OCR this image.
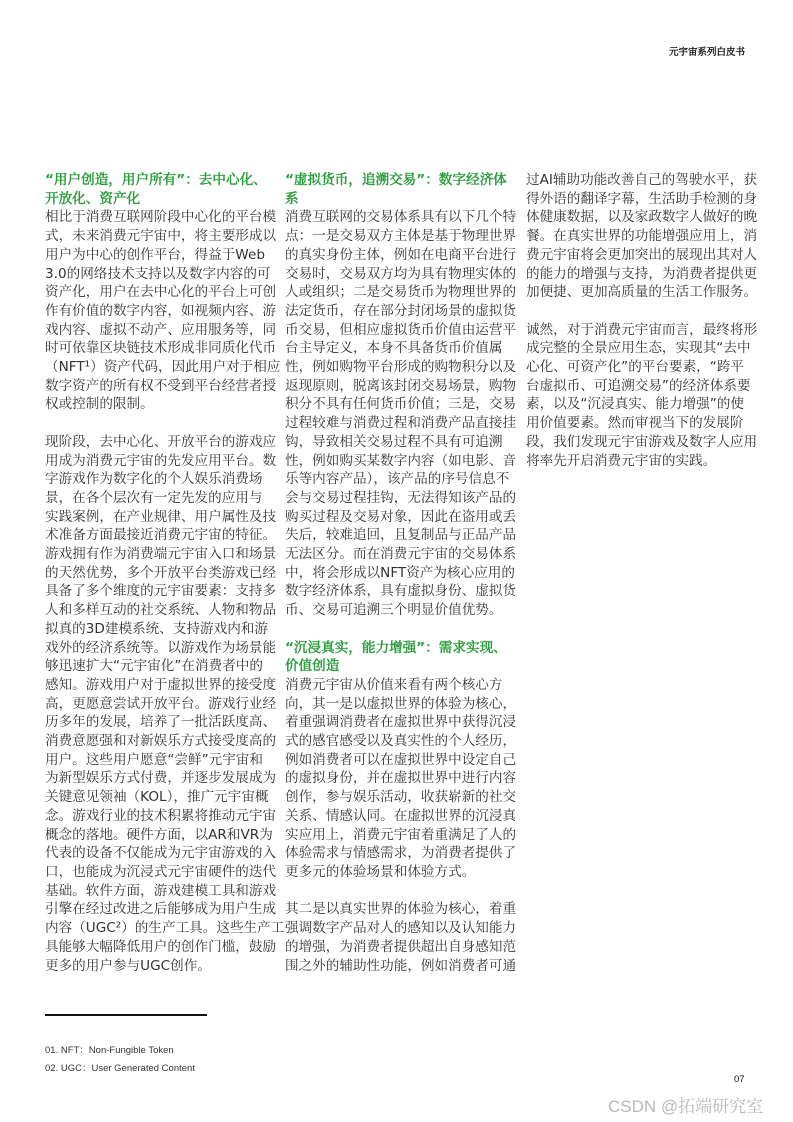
元宇宙系列白皮书
“用户创造，用户所有”：去中心化、
开放化、资产化
相比于消费互联网阶段中心化的平台模
式，未来消费元宇宙中，将主要形成以
用户为中心的创作平台，得益于Web
3.0的网络技术支持以及数字内容的可
资产化，用户在去中心化的平台上可创
作有价值的数字内容，如视频内容、游
戏内容、虚拟不动产、应用服务等，同
时可依靠区块链技术形成非同质化代币
（NFT¹）资产代码，因此用户对于相应
数字资产的所有权不受到平台经营者授
权或控制的限制。
现阶段，去中心化、开放平台的游戏应
用成为消费元宇宙的先发应用平台。数
字游戏作为数字化的个人娱乐消费场
景，在各个层次有一定先发的应用与
实践案例，在产业规律、用户属性及技
术准备方面最接近消费元宇宙的特征。
游戏拥有作为消费端元宇宙入口和场景
的天然优势，多个开放平台类游戏已经
具备了多个维度的元宇宙要素：支持多
人和多样互动的社交系统、人物和物品
拟真的3D建模系统、支持游戏内和游
戏外的经济系统等。以游戏作为场景能
够迅速扩大“元宇宙化”在消费者中的
感知。游戏用户对于虚拟世界的接受度
高，更愿意尝试开放平台。游戏行业经
历多年的发展，培养了一批活跃度高、
消费意愿强和对新娱乐方式接受度高的
用户。这些用户愿意“尝鲜”元宇宙和
为新型娱乐方式付费，并逐步发展成为
关键意见领袖（KOL），推广元宇宙概
念。游戏行业的技术积累将推动元宇宙
概念的落地。硬件方面，以AR和VR为
代表的设备不仅能成为元宇宙游戏的入
口，也能成为沉浸式元宇宙硬件的迭代
基础。软件方面，游戏建模工具和游戏
引擎在经过改进之后能够成为用户生成
内容（UGC²）的生产工具。这些生产工
具能够大幅降低用户的创作门槛，鼓励
更多的用户参与UGC创作。
“虚拟货币，追溯交易”：数字经济体
系
消费互联网的交易体系具有以下几个特
点：一是交易双方主体是基于物理世界
的真实身份主体，例如在电商平台进行
交易时，交易双方均为具有物理实体的
人或组织；二是交易货币为物理世界的
法定货币，存在部分封闭场景的虚拟货
币交易，但相应虚拟货币价值由运营平
台主导定义，本身不具备货币价值属
性，例如购物平台形成的购物积分以及
返现原则，脱离该封闭交易场景，购物
积分不具有任何货币价值；三是，交易
过程较难与消费过程和消费产品直接挂
钩，导致相关交易过程不具有可追溯
性，例如购买某数字内容（如电影、音
乐等内容产品），该产品的序号信息不
会与交易过程挂钩，无法得知该产品的
购买过程及交易对象，因此在盗用或丢
失后，较难追回，且复制品与正品产品
无法区分。而在消费元宇宙的交易体系
中，将会形成以NFT资产为核心应用的
数字经济体系，具有虚拟身份、虚拟货
币、交易可追溯三个明显价值优势。
“沉浸真实，能力增强”：需求实现、
价值创造
消费元宇宙从价值来看有两个核心方
向，其一是以虚拟世界的体验为核心，
着重强调消费者在虚拟世界中获得沉浸
式的感官感受以及真实性的个人经历，
例如消费者可以在虚拟世界中设定自己
的虚拟身份，并在虚拟世界中进行内容
创作，参与娱乐活动，收获崭新的社交
关系、情感认同。在虚拟世界的沉浸真
实应用上，消费元宇宙着重满足了人的
体验需求与情感需求，为消费者提供了
更多元的体验场景和体验方式。
其二是以真实世界的体验为核心，着重
强调数字产品对人的感知以及认知能力
的增强，为消费者提供超出自身感知范
围之外的辅助性功能，例如消费者可通
过AI辅助功能改善自己的驾驶水平，获
得外语的翻译字幕，生活助手检测的身
体健康数据，以及家政数字人做好的晚
餐。在真实世界的功能增强应用上，消
费元宇宙将会更加突出的展现出其对人
的能力的增强与支持，为消费者提供更
加便捷、更加高质量的生活工作服务。
诚然，对于消费元宇宙而言，最终将形
成完整的全景应用生态，实现其“去中
心化、可资产化”的平台要素，“跨平
台虚拟币、可追溯交易”的经济体系要
素，以及“沉浸真实、能力增强”的使
用价值要素。然而审视当下的发展阶
段，我们发现元宇宙游戏及数字人应用
将率先开启消费元宇宙的实践。
01. NFT：Non-Fungible Token
02. UGC：User Generated Content
07
CSDN @拓端研究室
